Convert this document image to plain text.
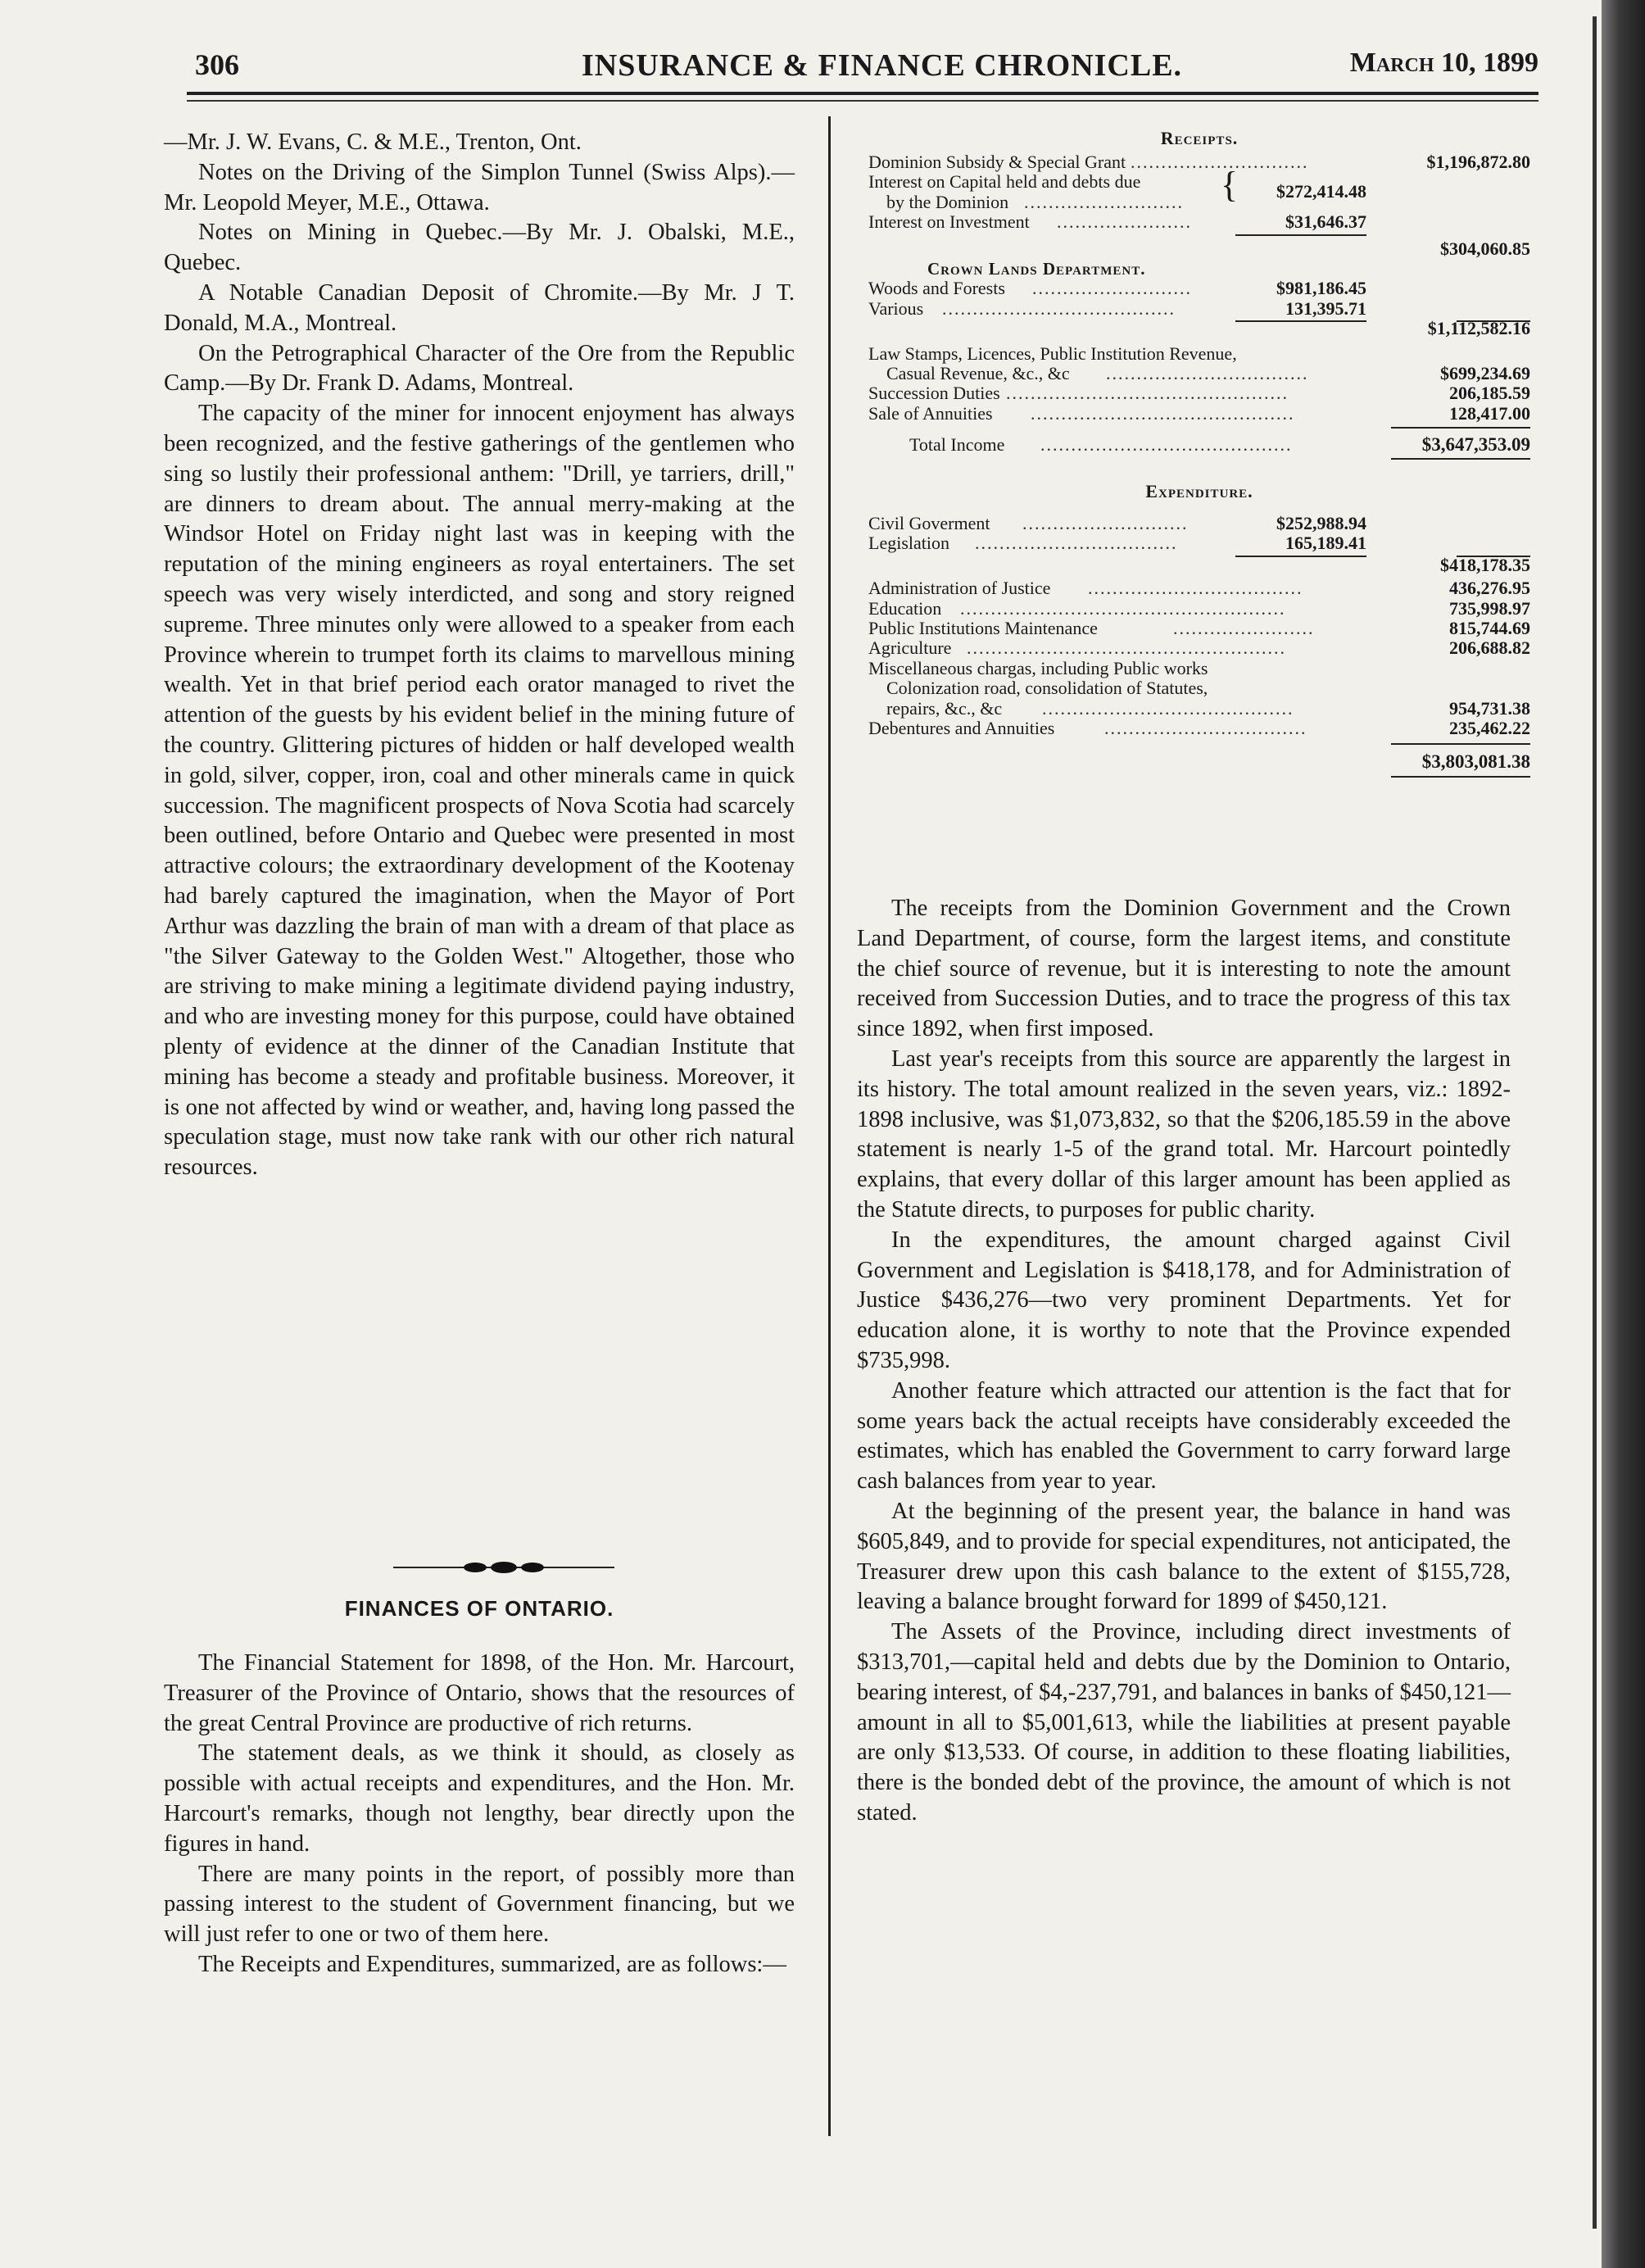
306	INSURANCE & FINANCE CHRONICLE.	March 10, 1899

—Mr. J. W. Evans, C. & M.E., Trenton, Ont.

Notes on the Driving of the Simplon Tunnel (Swiss Alps).—Mr. Leopold Meyer, M.E., Ottawa.

Notes on Mining in Quebec.—By Mr. J. Obalski, M.E., Quebec.

A Notable Canadian Deposit of Chromite.—By Mr. J T. Donald, M.A., Montreal.

On the Petrographical Character of the Ore from the Republic Camp.—By Dr. Frank D. Adams, Montreal.

The capacity of the miner for innocent enjoyment has always been recognized, and the festive gatherings of the gentlemen who sing so lustily their professional anthem: "Drill, ye tarriers, drill," are dinners to dream about. The annual merry-making at the Windsor Hotel on Friday night last was in keeping with the reputation of the mining engineers as royal entertainers. The set speech was very wisely interdicted, and song and story reigned supreme. Three minutes only were allowed to a speaker from each Province wherein to trumpet forth its claims to marvellous mining wealth. Yet in that brief period each orator managed to rivet the attention of the guests by his evident belief in the mining future of the country. Glittering pictures of hidden or half developed wealth in gold, silver, copper, iron, coal and other minerals came in quick succession. The magnificent prospects of Nova Scotia had scarcely been outlined, before Ontario and Quebec were presented in most attractive colours; the extraordinary development of the Kootenay had barely captured the imagination, when the Mayor of Port Arthur was dazzling the brain of man with a dream of that place as "the Silver Gateway to the Golden West." Altogether, those who are striving to make mining a legitimate dividend paying industry, and who are investing money for this purpose, could have obtained plenty of evidence at the dinner of the Canadian Institute that mining has become a steady and profitable business. Moreover, it is one not affected by wind or weather, and, having long passed the speculation stage, must now take rank with our other rich natural resources.

FINANCES OF ONTARIO.

The Financial Statement for 1898, of the Hon. Mr. Harcourt, Treasurer of the Province of Ontario, shows that the resources of the great Central Province are productive of rich returns.

The statement deals, as we think it should, as closely as possible with actual receipts and expenditures, and the Hon. Mr. Harcourt's remarks, though not lengthy, bear directly upon the figures in hand.

There are many points in the report, of possibly more than passing interest to the student of Government financing, but we will just refer to one or two of them here.

The Receipts and Expenditures, summarized, are as follows:—

Receipts.
Dominion Subsidy & Special Grant .............................	$1,196,872.80
Interest on Capital held and debts due	$272,414.48
{
by the Dominion ..........................
Interest on Investment ......................	$31,646.37
$304,060.85
Crown Lands Department.
Woods and Forests ..........................	$981,186.45
Various ......................................	131,395.71
$1,112,582.16
Law Stamps, Licences, Public Institution Revenue,
Casual Revenue, &c., &c .................................	$699,234.69
Succession Duties ..............................................	206,185.59
Sale of Annuities ...........................................	128,417.00
Total Income .........................................	$3,647,353.09
Expenditure.
Civil Goverment ...........................	$252,988.94
Legislation .................................	165,189.41
$418,178.35
Administration of Justice ...................................	436,276.95
Education .....................................................	735,998.97
Public Institutions Maintenance	.......................	815,744.69
Agriculture ....................................................	206,688.82
Miscellaneous chargas, including Public works
Colonization road, consolidation of Statutes,
repairs, &c., &c .........................................	954,731.38
Debentures and Annuities	.................................	235,462.22
$3,803,081.38

The receipts from the Dominion Government and the Crown Land Department, of course, form the largest items, and constitute the chief source of revenue, but it is interesting to note the amount received from Succession Duties, and to trace the progress of this tax since 1892, when first imposed.

Last year's receipts from this source are apparently the largest in its history. The total amount realized in the seven years, viz.: 1892-1898 inclusive, was $1,073,832, so that the $206,185.59 in the above statement is nearly 1-5 of the grand total. Mr. Harcourt pointedly explains, that every dollar of this larger amount has been applied as the Statute directs, to purposes for public charity.

In the expenditures, the amount charged against Civil Government and Legislation is $418,178, and for Administration of Justice $436,276—two very prominent Departments. Yet for education alone, it is worthy to note that the Province expended $735,998.

Another feature which attracted our attention is the fact that for some years back the actual receipts have considerably exceeded the estimates, which has enabled the Government to carry forward large cash balances from year to year.

At the beginning of the present year, the balance in hand was $605,849, and to provide for special expenditures, not anticipated, the Treasurer drew upon this cash balance to the extent of $155,728, leaving a balance brought forward for 1899 of $450,121.

The Assets of the Province, including direct investments of $313,701,—capital held and debts due by the Dominion to Ontario, bearing interest, of $4,-237,791, and balances in banks of $450,121—amount in all to $5,001,613, while the liabilities at present payable are only $13,533. Of course, in addition to these floating liabilities, there is the bonded debt of the province, the amount of which is not stated.
